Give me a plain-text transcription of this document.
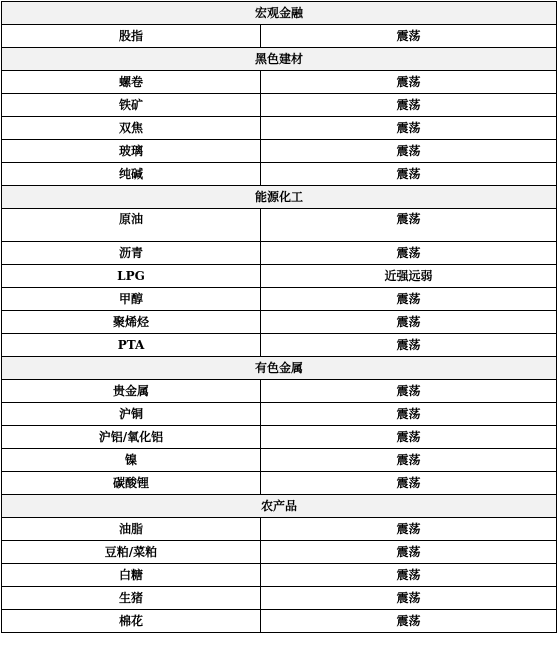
宏观金融	
股指	震荡
黑色建材	
螺卷	震荡
铁矿	震荡
双焦	震荡
玻璃	震荡
纯碱	震荡
能源化工	
原油	震荡
沥青	震荡
LPG	近强远弱
甲醇	震荡
聚烯烃	震荡
PTA	震荡
有色金属	
贵金属	震荡
沪铜	震荡
沪铝/氧化铝	震荡
镍	震荡
碳酸锂	震荡
农产品	
油脂	震荡
豆粕/菜粕	震荡
白糖	震荡
生猪	震荡
棉花	震荡
